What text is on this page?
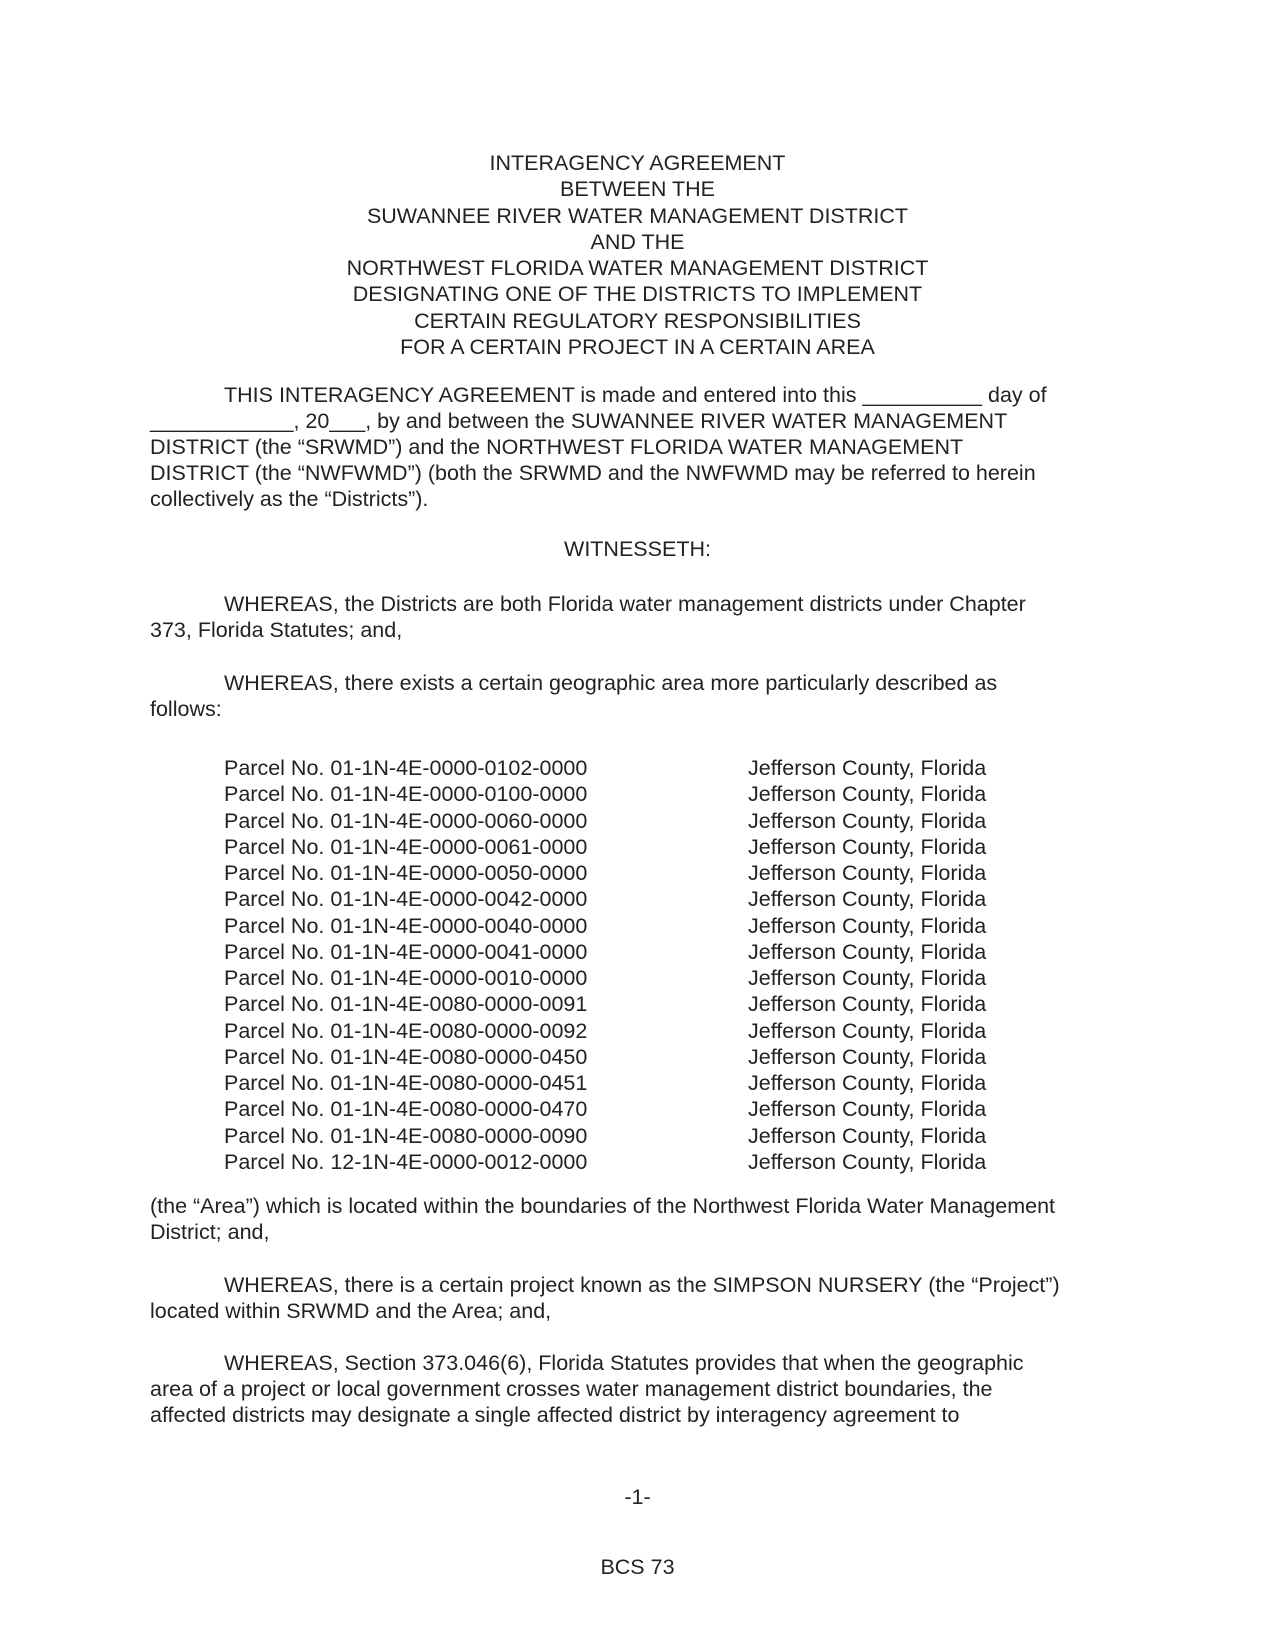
INTERAGENCY AGREEMENT
BETWEEN THE
SUWANNEE RIVER WATER MANAGEMENT DISTRICT
AND THE
NORTHWEST FLORIDA WATER MANAGEMENT DISTRICT
DESIGNATING ONE OF THE DISTRICTS TO IMPLEMENT
CERTAIN REGULATORY RESPONSIBILITIES
FOR A CERTAIN PROJECT IN A CERTAIN AREA
THIS INTERAGENCY AGREEMENT is made and entered into this __________ day of
____________, 20___, by and between the SUWANNEE RIVER WATER MANAGEMENT
DISTRICT (the “SRWMD”) and the NORTHWEST FLORIDA WATER MANAGEMENT
DISTRICT (the “NWFWMD”) (both the SRWMD and the NWFWMD may be referred to herein
collectively as the “Districts”).
WITNESSETH:
WHEREAS, the Districts are both Florida water management districts under Chapter
373, Florida Statutes; and,
WHEREAS, there exists a certain geographic area more particularly described as
follows:
Parcel No. 01-1N-4E-0000-0102-0000	Jefferson County, Florida
Parcel No. 01-1N-4E-0000-0100-0000	Jefferson County, Florida
Parcel No. 01-1N-4E-0000-0060-0000	Jefferson County, Florida
Parcel No. 01-1N-4E-0000-0061-0000	Jefferson County, Florida
Parcel No. 01-1N-4E-0000-0050-0000	Jefferson County, Florida
Parcel No. 01-1N-4E-0000-0042-0000	Jefferson County, Florida
Parcel No. 01-1N-4E-0000-0040-0000	Jefferson County, Florida
Parcel No. 01-1N-4E-0000-0041-0000	Jefferson County, Florida
Parcel No. 01-1N-4E-0000-0010-0000	Jefferson County, Florida
Parcel No. 01-1N-4E-0080-0000-0091	Jefferson County, Florida
Parcel No. 01-1N-4E-0080-0000-0092	Jefferson County, Florida
Parcel No. 01-1N-4E-0080-0000-0450	Jefferson County, Florida
Parcel No. 01-1N-4E-0080-0000-0451	Jefferson County, Florida
Parcel No. 01-1N-4E-0080-0000-0470	Jefferson County, Florida
Parcel No. 01-1N-4E-0080-0000-0090	Jefferson County, Florida
Parcel No. 12-1N-4E-0000-0012-0000	Jefferson County, Florida
(the “Area”) which is located within the boundaries of the Northwest Florida Water Management
District; and,
WHEREAS, there is a certain project known as the SIMPSON NURSERY (the “Project”)
located within SRWMD and the Area; and,
WHEREAS, Section 373.046(6), Florida Statutes provides that when the geographic
area of a project or local government crosses water management district boundaries, the
affected districts may designate a single affected district by interagency agreement to
-1-
BCS 73
